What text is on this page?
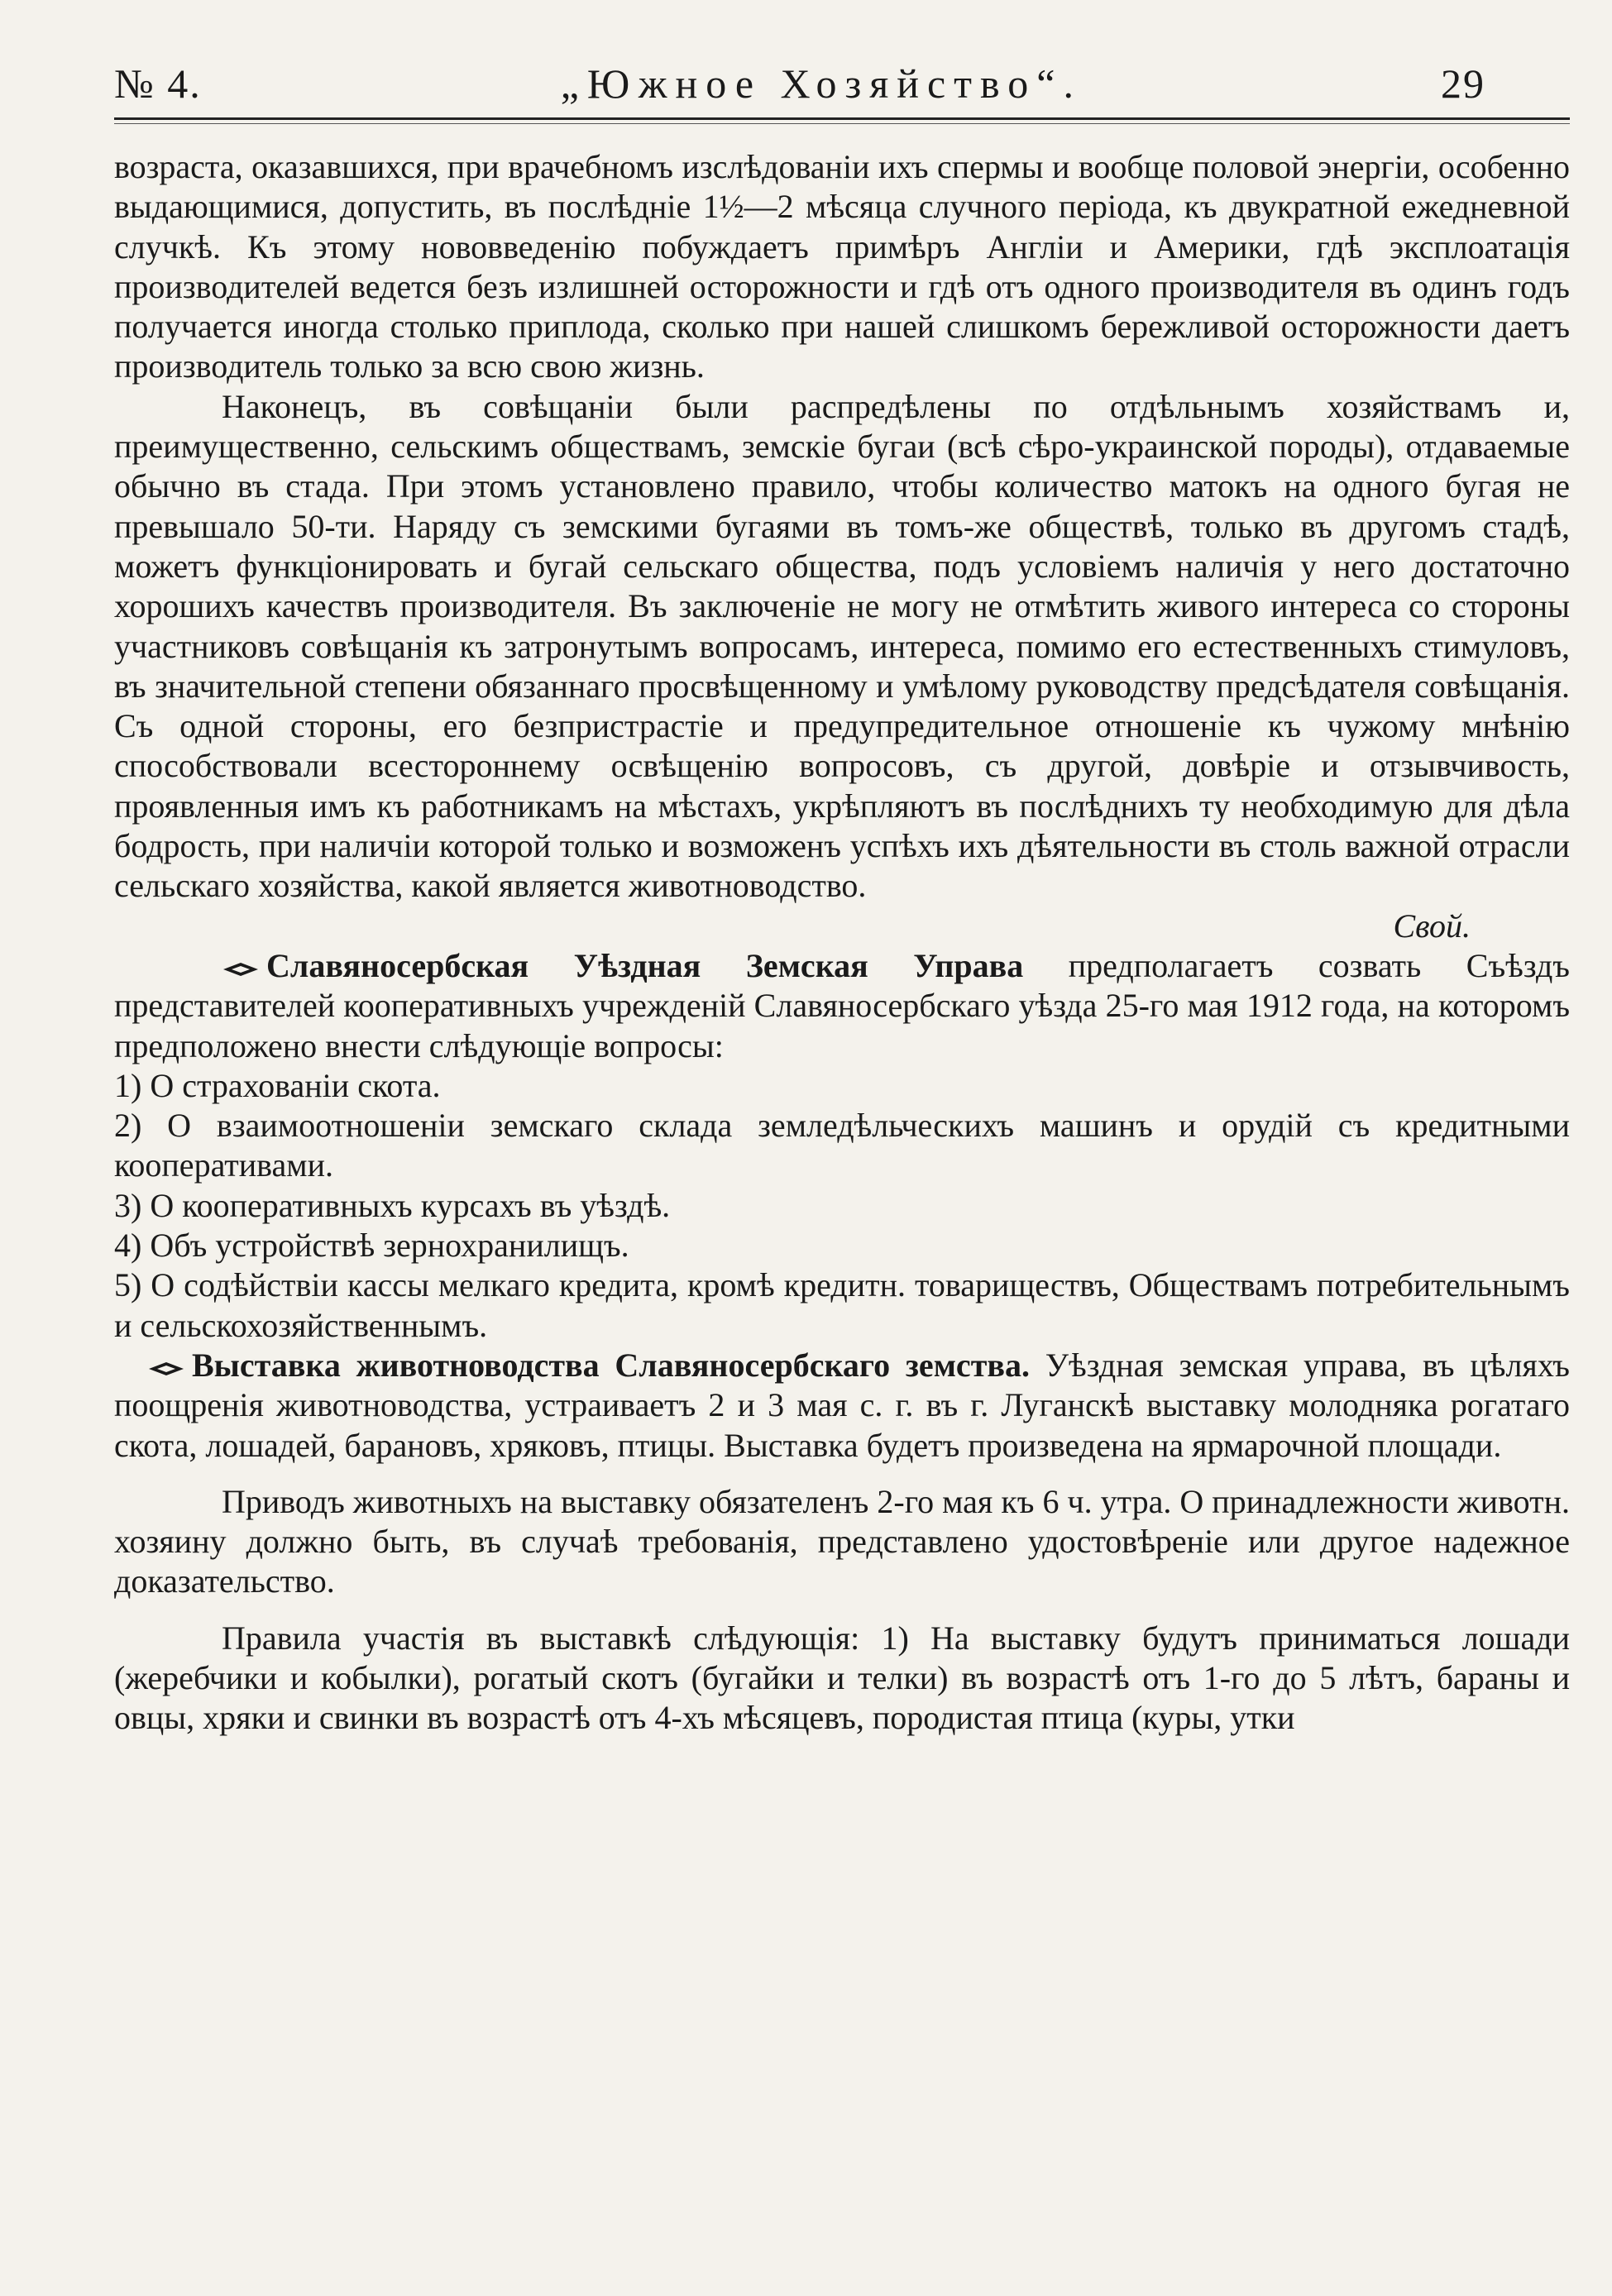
№ 4.	„Южное Хозяйство“.	29

возраста, оказавшихся, при врачебномъ изслѣдованіи ихъ спермы и вообще половой энергіи, особенно выдающимися, допустить, въ послѣдніе 1½—2 мѣсяца случного періода, къ двукратной ежедневной случкѣ. Къ этому нововведенію побуждаетъ примѣръ Англіи и Америки, гдѣ эксплоатація производителей ведется безъ излишней осторожности и гдѣ отъ одного производителя въ одинъ годъ получается иногда столько приплода, сколько при нашей слишкомъ бережливой осторожности даетъ производитель только за всю свою жизнь.

Наконецъ, въ совѣщаніи были распредѣлены по отдѣльнымъ хозяйствамъ и, преимущественно, сельскимъ обществамъ, земскіе бугаи (всѣ сѣро-украинской породы), отдаваемые обычно въ стада. При этомъ установлено правило, чтобы количество матокъ на одного бугая не превышало 50-ти. Наряду съ земскими бугаями въ томъ-же обществѣ, только въ другомъ стадѣ, можетъ функціонировать и бугай сельскаго общества, подъ условіемъ наличія у него достаточно хорошихъ качествъ производителя. Въ заключеніе не могу не отмѣтить живого интереса со стороны участниковъ совѣщанія къ затронутымъ вопросамъ, интереса, помимо его естественныхъ стимуловъ, въ значительной степени обязаннаго просвѣщенному и умѣлому руководству предсѣдателя совѣщанія. Съ одной стороны, его безпристрастіе и предупредительное отношеніе къ чужому мнѣнію способствовали всестороннему освѣщенію вопросовъ, съ другой, довѣріе и отзывчивость, проявленныя имъ къ работникамъ на мѣстахъ, укрѣпляютъ въ послѣднихъ ту необходимую для дѣла бодрость, при наличіи которой только и возможенъ успѣхъ ихъ дѣятельности въ столь важной отрасли сельскаго хозяйства, какой является животноводство.

Свой.

Славяносербская Уѣздная Земская Управа предполагаетъ созвать Съѣздъ представителей кооперативныхъ учрежденій Славяносербскаго уѣзда 25-го мая 1912 года, на которомъ предположено внести слѣдующіе вопросы:

1) О страхованіи скота.

2) О взаимоотношеніи земскаго склада земледѣльческихъ машинъ и орудій съ кредитными кооперативами.

3) О кооперативныхъ курсахъ въ уѣздѣ.

4) Объ устройствѣ зернохранилищъ.

5) О содѣйствіи кассы мелкаго кредита, кромѣ кредитн. товариществъ, Обществамъ потребительнымъ и сельскохозяйственнымъ.

Выставка животноводства Славяносербскаго земства. Уѣздная земская управа, въ цѣляхъ поощренія животноводства, устраиваетъ 2 и 3 мая с. г. въ г. Луганскѣ выставку молодняка рогатаго скота, лошадей, барановъ, хряковъ, птицы. Выставка будетъ произведена на ярмарочной площади.

Приводъ животныхъ на выставку обязателенъ 2-го мая къ 6 ч. утра. О принадлежности животн. хозяину должно быть, въ случаѣ требованія, представлено удостовѣреніе или другое надежное доказательство.

Правила участія въ выставкѣ слѣдующія: 1) На выставку будутъ приниматься лошади (жеребчики и кобылки), рогатый скотъ (бугайки и телки) въ возрастѣ отъ 1-го до 5 лѣтъ, бараны и овцы, хряки и свинки въ возрастѣ отъ 4-хъ мѣсяцевъ, породистая птица (куры, утки
